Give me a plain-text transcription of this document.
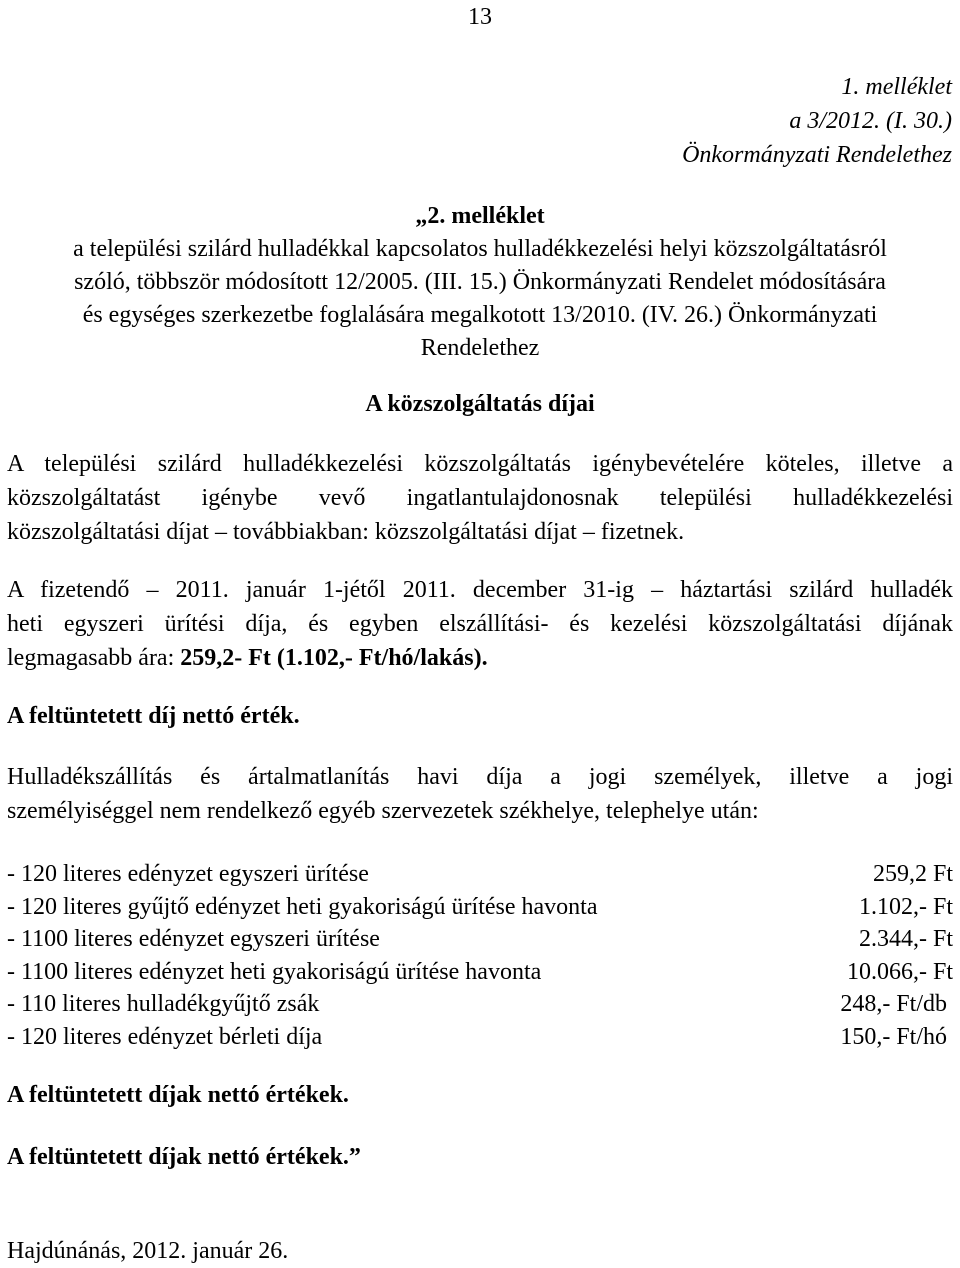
13
1. melléklet
a 3/2012. (I. 30.)
Önkormányzati Rendelethez
„2. melléklet
a települési szilárd hulladékkal kapcsolatos hulladékkezelési helyi közszolgáltatásról
szóló, többször módosított 12/2005. (III. 15.) Önkormányzati Rendelet módosítására
és egységes szerkezetbe foglalására megalkotott 13/2010. (IV. 26.) Önkormányzati
Rendelethez
A közszolgáltatás díjai
A települési szilárd hulladékkezelési közszolgáltatás igénybevételére köteles, illetve a
közszolgáltatást igénybe vevő ingatlantulajdonosnak települési hulladékkezelési
közszolgáltatási díjat – továbbiakban: közszolgáltatási díjat – fizetnek.
A fizetendő – 2011. január 1-jétől 2011. december 31-ig – háztartási szilárd hulladék
heti egyszeri ürítési díja, és egyben elszállítási- és kezelési közszolgáltatási díjának
legmagasabb ára: 259,2- Ft (1.102,- Ft/hó/lakás).
A feltüntetett díj nettó érték.
Hulladékszállítás és ártalmatlanítás havi díja a jogi személyek, illetve a jogi
személyiséggel nem rendelkező egyéb szervezetek székhelye, telephelye után:
- 120 literes edényzet egyszeri ürítése	259,2 Ft
- 120 literes gyűjtő edényzet heti gyakoriságú ürítése havonta	1.102,- Ft
- 1100 literes edényzet egyszeri ürítése	2.344,- Ft
- 1100 literes edényzet heti gyakoriságú ürítése havonta	10.066,- Ft
- 110 literes hulladékgyűjtő zsák	248,- Ft/db
- 120 literes edényzet bérleti díja	150,- Ft/hó
A feltüntetett díjak nettó értékek.
A feltüntetett díjak nettó értékek.”
Hajdúnánás, 2012. január 26.
